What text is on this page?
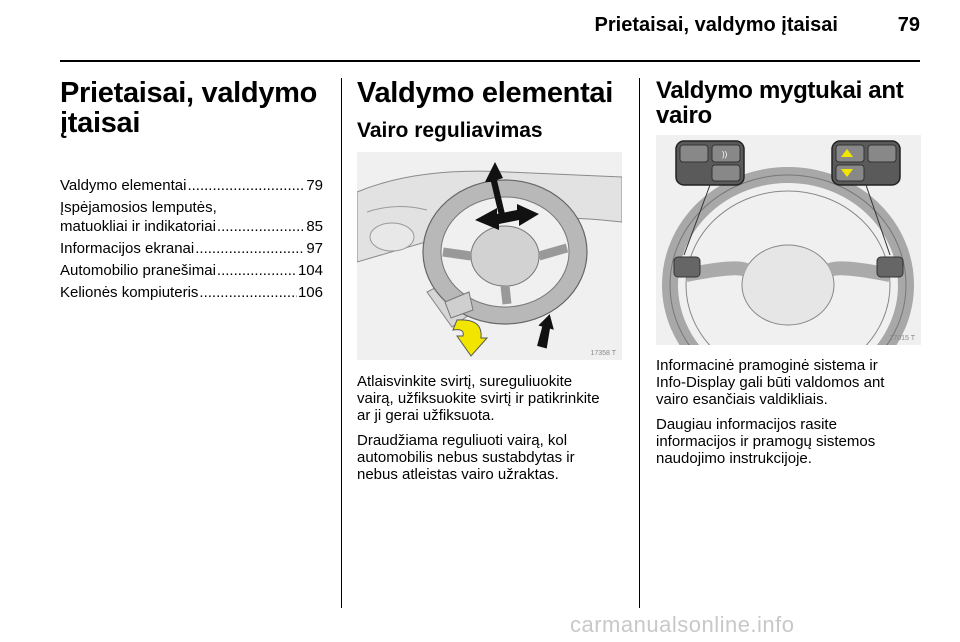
Prietaisai, valdymo įtaisai	79
Prietaisai, valdymo
įtaisai
Valdymo elementai .....	79
Įspėjamosios lemputės,
matuokliai ir indikatoriai .....	85
Informacijos ekranai .....	97
Automobilio pranešimai .....	104
Kelionės kompiuteris .....	106
Valdymo elementai
Vairo reguliavimas
17358 T

Atlaisvinkite svirtį, sureguliuokite
vairą, užfiksuokite svirtį ir patikrinkite
ar ji gerai užfiksuota.

Draudžiama reguliuoti vairą, kol
automobilis nebus sustabdytas ir
nebus atleistas vairo užraktas.

Valdymo mygtukai ant
vairo
))
17015 T

Informacinė pramoginė sistema ir
Info-Display gali būti valdomos ant
vairo esančiais valdikliais.

Daugiau informacijos rasite
informacijos ir pramogų sistemos
naudojimo instrukcijoje.

carmanualsonline.info
